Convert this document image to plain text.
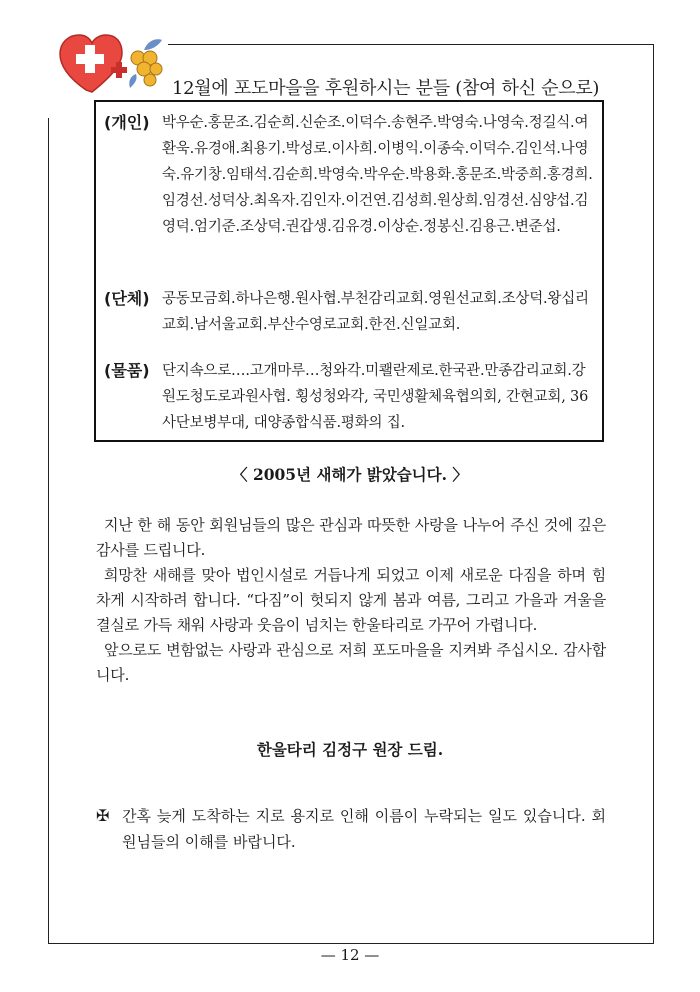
12월에 포도마을을 후원하시는 분들 (참여 하신 순으로)
(개인) 박우순.홍문조.김순희.신순조.이덕수.송현주.박영숙.나영숙.정길식.여환욱.유경애.최용기.박성로.이사희.이병익.이종숙.이덕수.김인석.나영숙.유기창.임태석.김순희.박영숙.박우순.박용화.홍문조.박중희.홍경희.임경선.성덕상.최옥자.김인자.이건연.김성희.원상희.임경선.심양섭.김영덕.엄기준.조상덕.권갑생.김유경.이상순.정봉신.김용근.변준섭.
(단체) 공동모금회.하나은행.원사협.부천감리교회.영원선교회.조상덕.왕십리교회.남서울교회.부산수영로교회.한전.신일교회.
(물품) 단지속으로….고개마루…청와각.미쾔란제로.한국관.만종감리교회.강원도청도로과원사협. 횡성청와각, 국민생활체육협의회, 간현교회, 36사단보병부대, 대양종합식품.평화의 집.
〈 2005년 새해가 밝았습니다. 〉

지난 한 해 동안 회원님들의 많은 관심과 따뜻한 사랑을 나누어 주신 것에 깊은 감사를 드립니다.

희망찬 새해를 맞아 법인시설로 거듭나게 되었고 이제 새로운 다짐을 하며 힘차게 시작하려 합니다. “다짐”이 헛되지 않게 봄과 여름, 그리고 가을과 겨울을 결실로 가득 채워 사랑과 웃음이 넘치는 한울타리로 가꾸어 가렵니다.

앞으로도 변함없는 사랑과 관심으로 저희 포도마을을 지켜봐 주십시오. 감사합니다.

한울타리 김정구 원장 드림.
✠ 간혹 늦게 도착하는 지로 용지로 인해 이름이 누락되는 일도 있습니다. 회원님들의 이해를 바랍니다.
— 12 —
